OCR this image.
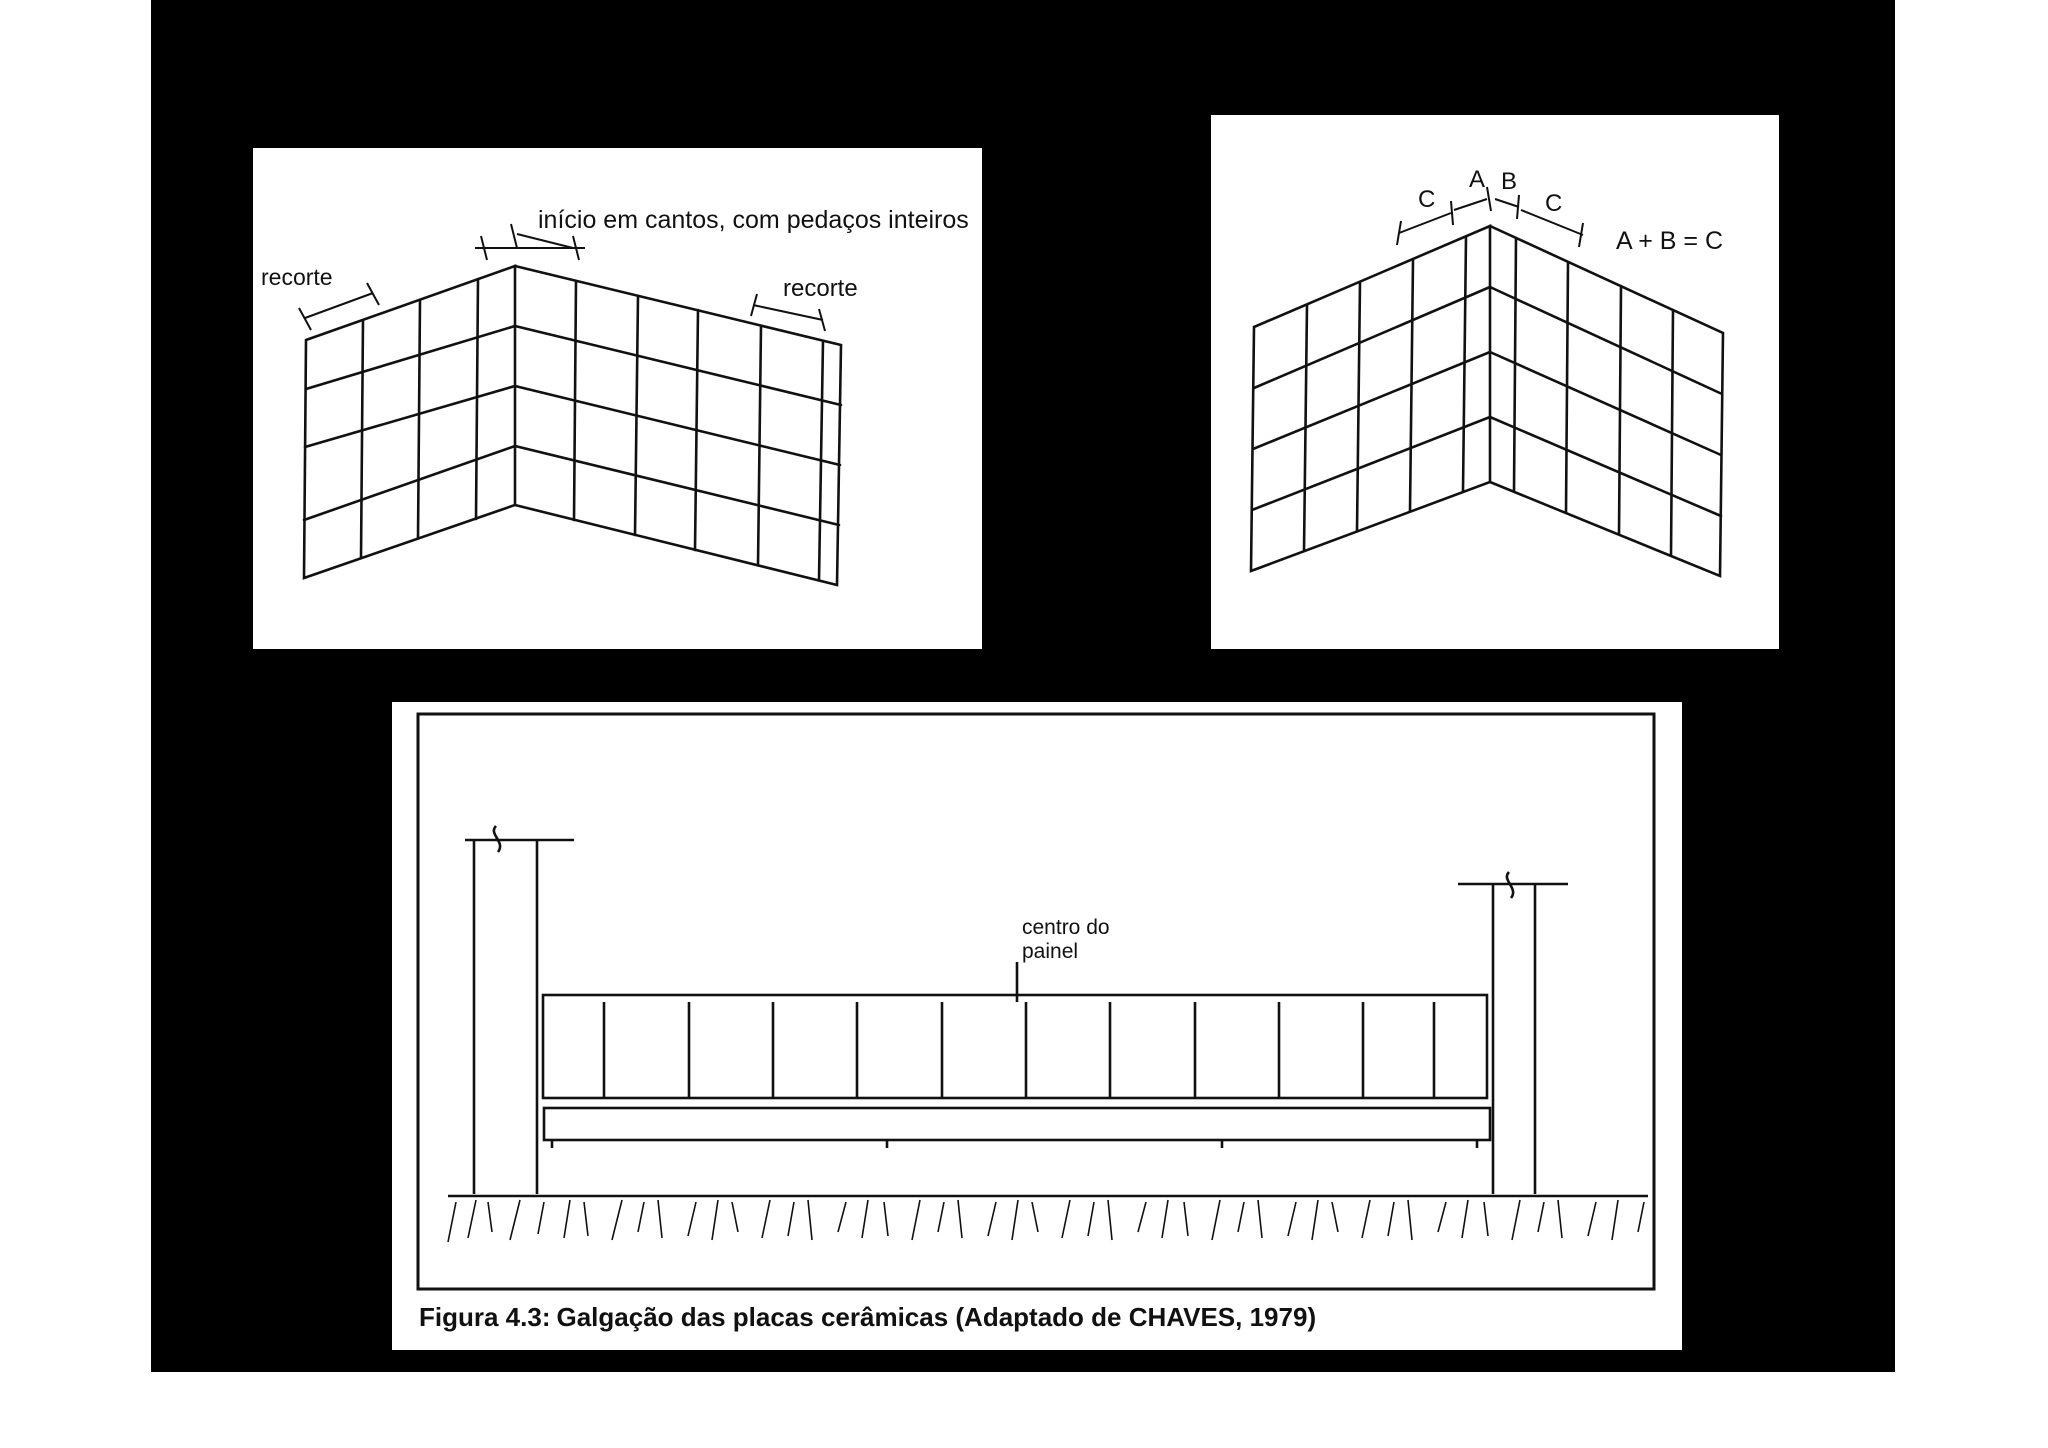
início em cantos, com pedaços inteiros
recorte	recorte
C
A B
C
A + B = C
centro do
painel
Figura 4.3: Galgação das placas cerâmicas (Adaptado de CHAVES, 1979)
